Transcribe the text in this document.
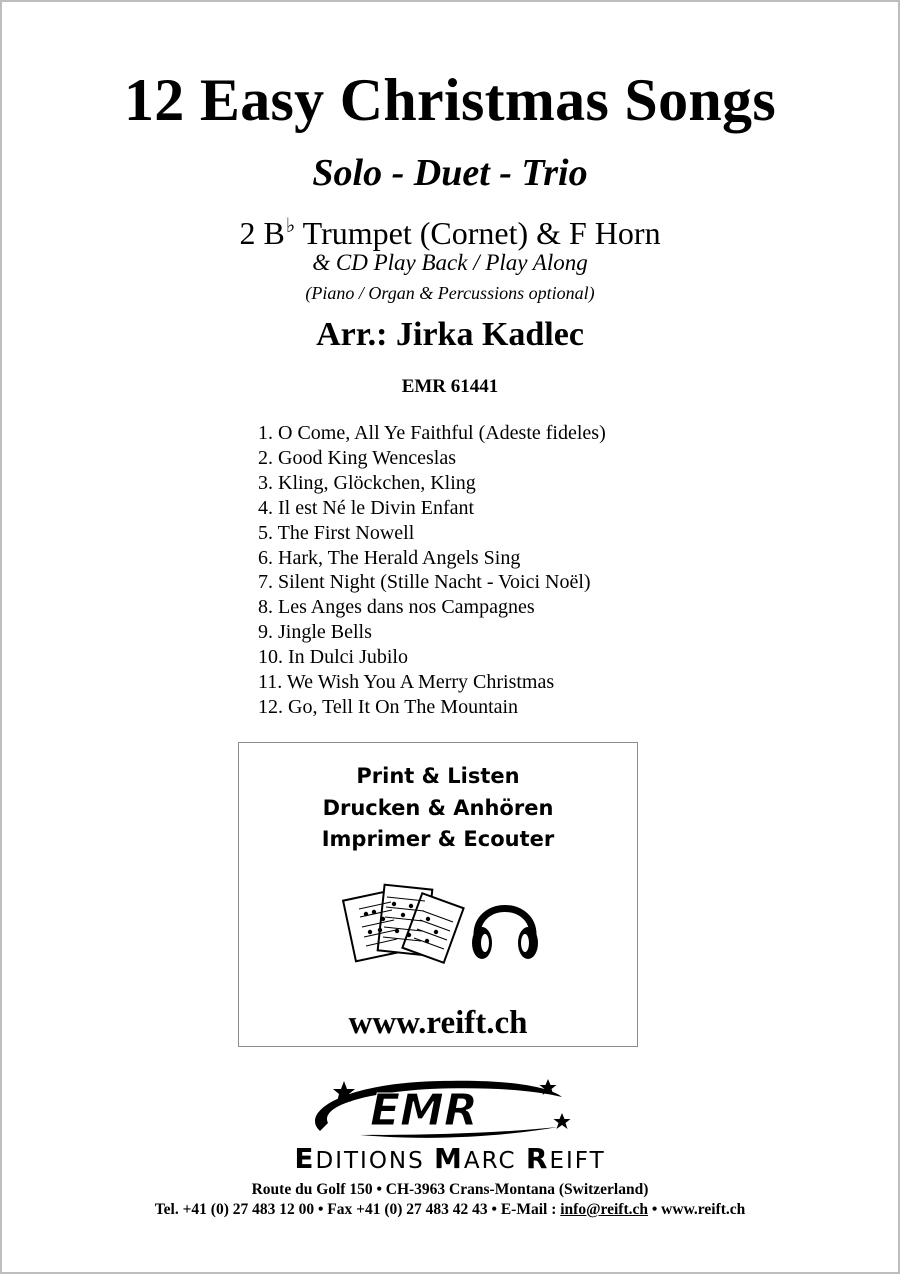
12 Easy Christmas Songs
Solo - Duet - Trio
2 B♭ Trumpet (Cornet) & F Horn
& CD Play Back / Play Along
(Piano / Organ & Percussions optional)
Arr.: Jirka Kadlec
EMR 61441
1. O Come, All Ye Faithful (Adeste fideles)
2. Good King Wenceslas
3. Kling, Glöckchen, Kling
4. Il est Né le Divin Enfant
5. The First Nowell
6. Hark, The Herald Angels Sing
7. Silent Night (Stille Nacht - Voici Noël)
8. Les Anges dans nos Campagnes
9. Jingle Bells
10. In Dulci Jubilo
11. We Wish You A Merry Christmas
12. Go, Tell It On The Mountain
Print & Listen
Drucken & Anhören
Imprimer & Ecouter
www.reift.ch
EMR
EDITIONS MARC REIFT
Route du Golf 150 • CH-3963 Crans-Montana (Switzerland)
Tel. +41 (0) 27 483 12 00 • Fax +41 (0) 27 483 42 43 • E-Mail : info@reift.ch • www.reift.ch
